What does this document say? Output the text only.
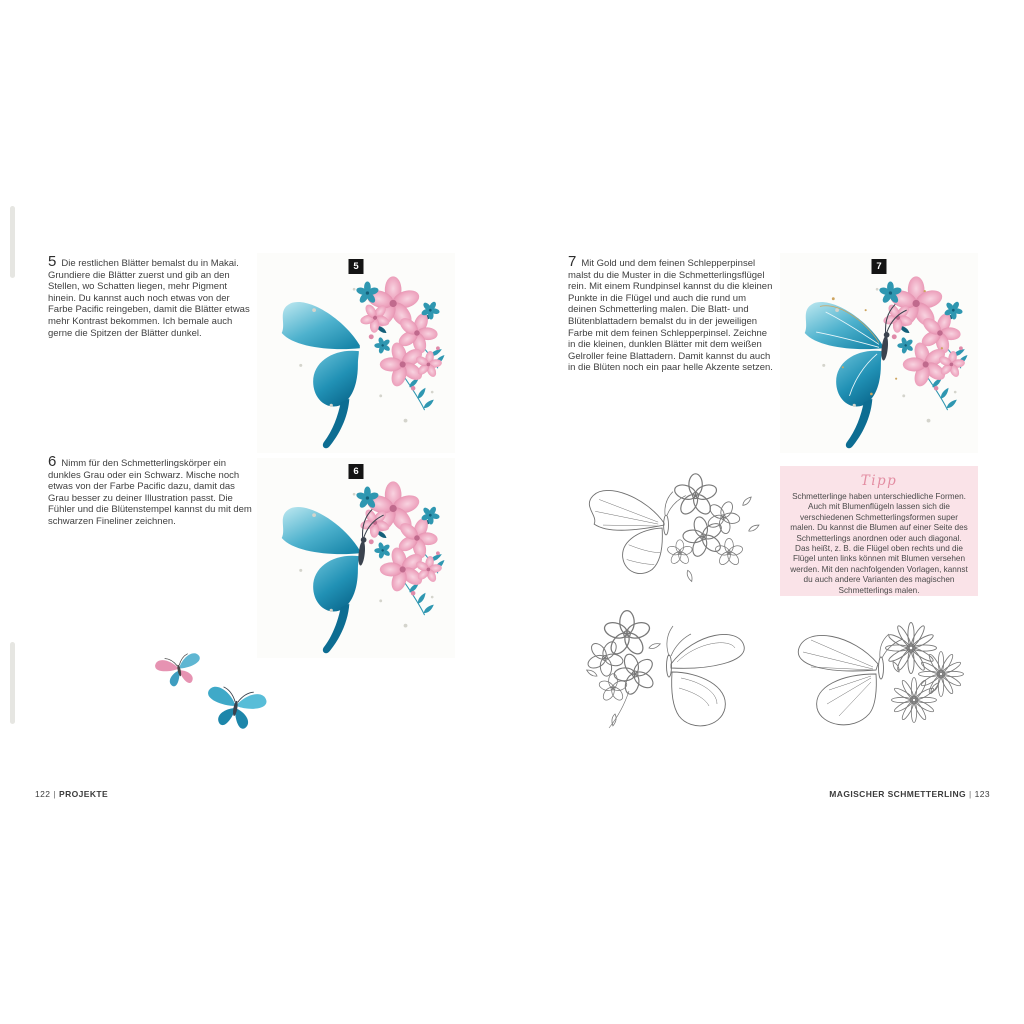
5 Die restlichen Blätter bemalst du in Makai. Grundiere die Blätter zuerst und gib an den Stellen, wo Schatten liegen, mehr Pigment hinein. Du kannst auch noch etwas von der Farbe Pacific reingeben, damit die Blätter etwas mehr Kontrast bekommen. Ich bemale auch gerne die Spitzen der Blätter dunkel.

5

6 Nimm für den Schmetterlingskörper ein dunkles Grau oder ein Schwarz. Mische noch etwas von der Farbe Pacific dazu, damit das Grau besser zu deiner Illustration passt. Die Fühler und die Blütenstempel kannst du mit dem schwarzen Fineliner zeichnen.

6
122 | PROJEKTE

7 Mit Gold und dem feinen Schlepperpinsel malst du die Muster in die Schmetterlingsflügel rein. Mit einem Rundpinsel kannst du die kleinen Punkte in die Flügel und auch die rund um deinen Schmetterling malen. Die Blatt- und Blütenblattadern bemalst du in der jeweiligen Farbe mit dem feinen Schlepperpinsel. Zeichne in die kleinen, dunklen Blätter mit dem weißen Gelroller feine Blattadern. Damit kannst du auch in die Blüten noch ein paar helle Akzente setzen.

7
Tipp
Schmetterlinge haben unterschiedliche Formen. Auch mit Blumenflügeln lassen sich die verschiedenen Schmetterlingsformen super malen. Du kannst die Blumen auf einer Seite des Schmetterlings anordnen oder auch diagonal. Das heißt, z. B. die Flügel oben rechts und die Flügel unten links können mit Blumen versehen werden. Mit den nachfolgenden Vorlagen, kannst du auch andere Varianten des magischen Schmetterlings malen.
MAGISCHER SCHMETTERLING | 123
